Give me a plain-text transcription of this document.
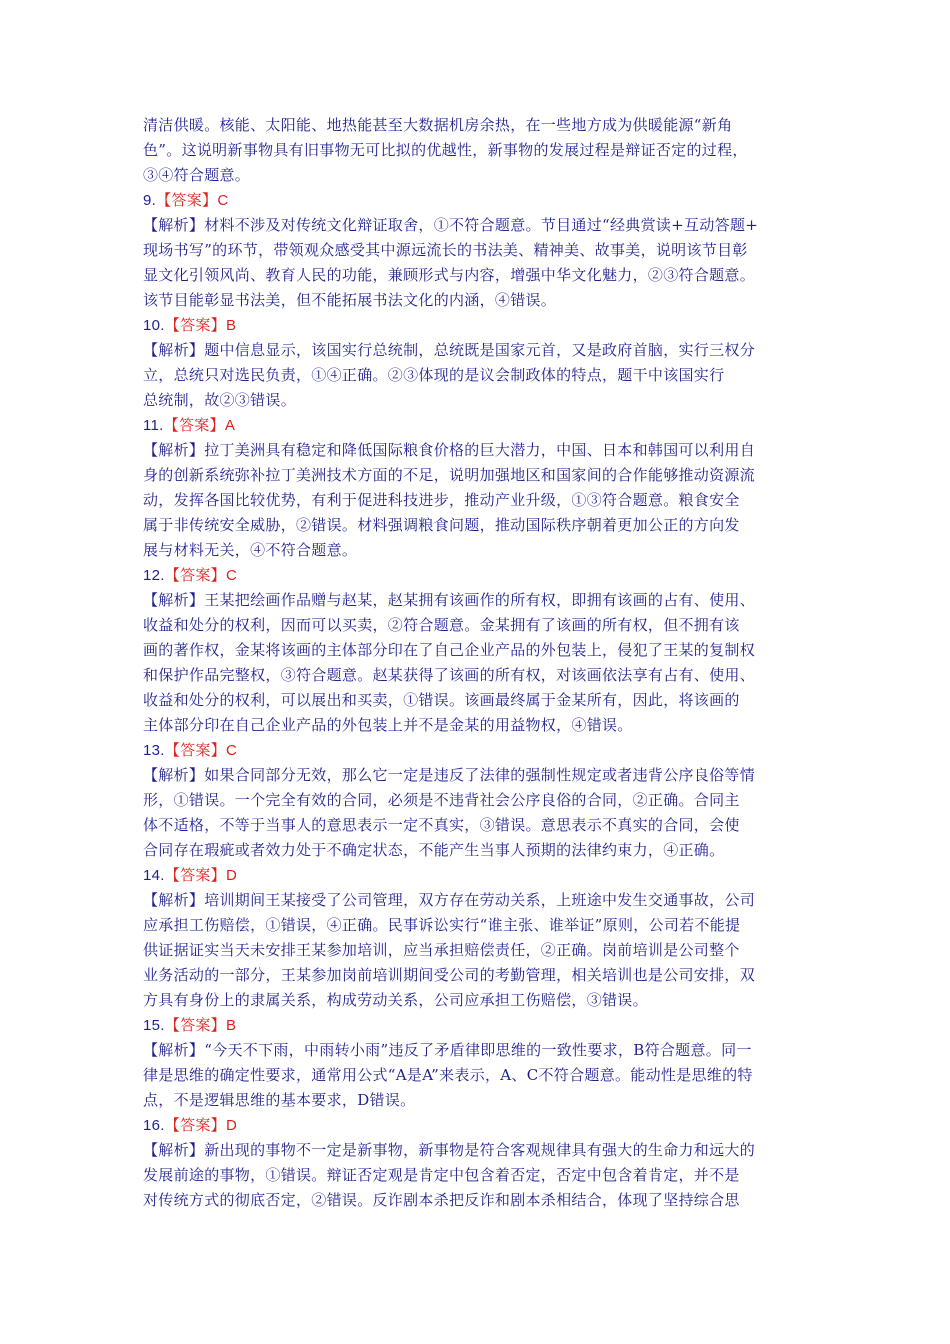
清洁供暖。核能、太阳能、地热能甚至大数据机房余热，在一些地方成为供暖能源“新角
色”。这说明新事物具有旧事物无可比拟的优越性，新事物的发展过程是辩证否定的过程，
③④符合题意。
9.【答案】C
【解析】材料不涉及对传统文化辩证取舍，①不符合题意。节目通过“经典赏读+互动答题+
现场书写”的环节，带领观众感受其中源远流长的书法美、精神美、故事美，说明该节目彰
显文化引领风尚、教育人民的功能，兼顾形式与内容，增强中华文化魅力，②③符合题意。
该节目能彰显书法美，但不能拓展书法文化的内涵，④错误。
10.【答案】B
【解析】题中信息显示，该国实行总统制，总统既是国家元首，又是政府首脑，实行三权分
立，总统只对选民负责，①④正确。②③体现的是议会制政体的特点，题干中该国实行
总统制，故②③错误。
11.【答案】A
【解析】拉丁美洲具有稳定和降低国际粮食价格的巨大潜力，中国、日本和韩国可以利用自
身的创新系统弥补拉丁美洲技术方面的不足，说明加强地区和国家间的合作能够推动资源流
动，发挥各国比较优势，有利于促进科技进步，推动产业升级，①③符合题意。粮食安全
属于非传统安全威胁，②错误。材料强调粮食问题，推动国际秩序朝着更加公正的方向发
展与材料无关，④不符合题意。
12.【答案】C
【解析】王某把绘画作品赠与赵某，赵某拥有该画作的所有权，即拥有该画的占有、使用、
收益和处分的权利，因而可以买卖，②符合题意。金某拥有了该画的所有权，但不拥有该
画的著作权，金某将该画的主体部分印在了自己企业产品的外包装上，侵犯了王某的复制权
和保护作品完整权，③符合题意。赵某获得了该画的所有权，对该画依法享有占有、使用、
收益和处分的权利，可以展出和买卖，①错误。该画最终属于金某所有，因此，将该画的
主体部分印在自己企业产品的外包装上并不是金某的用益物权，④错误。
13.【答案】C
【解析】如果合同部分无效，那么它一定是违反了法律的强制性规定或者违背公序良俗等情
形，①错误。一个完全有效的合同，必须是不违背社会公序良俗的合同，②正确。合同主
体不适格，不等于当事人的意思表示一定不真实，③错误。意思表示不真实的合同，会使
合同存在瑕疵或者效力处于不确定状态，不能产生当事人预期的法律约束力，④正确。
14.【答案】D
【解析】培训期间王某接受了公司管理，双方存在劳动关系，上班途中发生交通事故，公司
应承担工伤赔偿，①错误，④正确。民事诉讼实行“谁主张、谁举证”原则，公司若不能提
供证据证实当天未安排王某参加培训，应当承担赔偿责任，②正确。岗前培训是公司整个
业务活动的一部分，王某参加岗前培训期间受公司的考勤管理，相关培训也是公司安排，双
方具有身份上的隶属关系，构成劳动关系，公司应承担工伤赔偿，③错误。
15.【答案】B
【解析】“今天不下雨，中雨转小雨”违反了矛盾律即思维的一致性要求，B符合题意。同一
律是思维的确定性要求，通常用公式“A是A”来表示，A、C不符合题意。能动性是思维的特
点，不是逻辑思维的基本要求，D错误。
16.【答案】D
【解析】新出现的事物不一定是新事物，新事物是符合客观规律具有强大的生命力和远大的
发展前途的事物，①错误。辩证否定观是肯定中包含着否定，否定中包含着肯定，并不是
对传统方式的彻底否定，②错误。反诈剧本杀把反诈和剧本杀相结合，体现了坚持综合思
